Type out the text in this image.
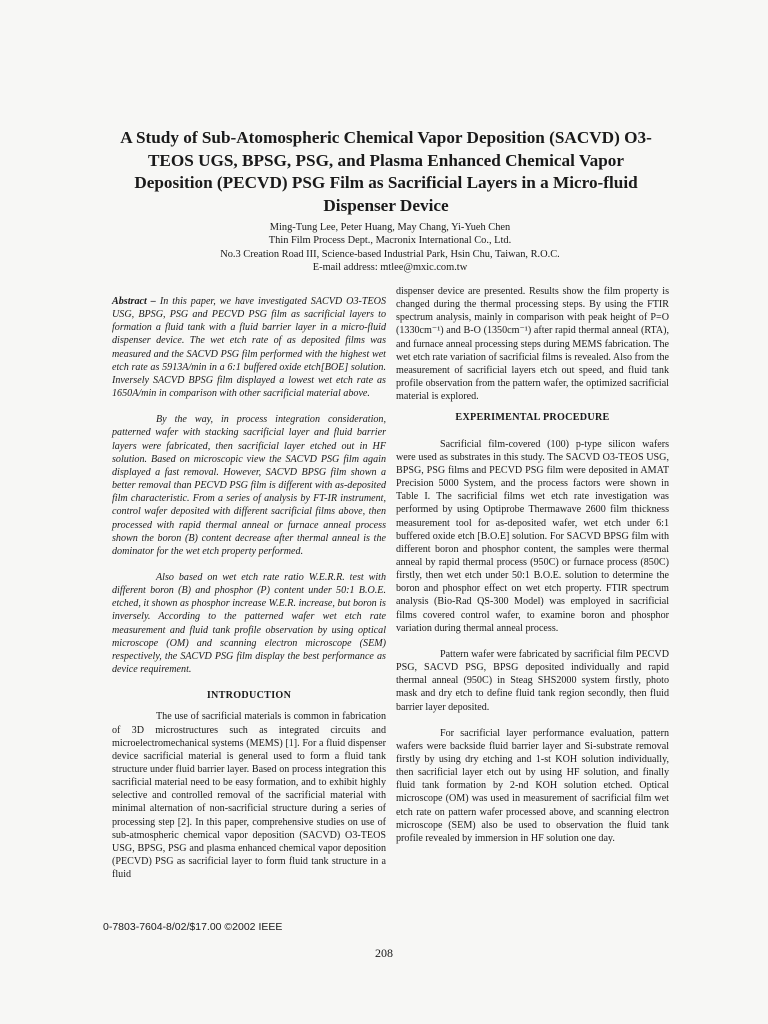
A Study of Sub-Atomospheric Chemical Vapor Deposition (SACVD) O3-
TEOS UGS, BPSG, PSG, and Plasma Enhanced Chemical Vapor
Deposition (PECVD) PSG Film as Sacrificial Layers in a Micro-fluid
Dispenser Device
Ming-Tung Lee, Peter Huang, May Chang, Yi-Yueh Chen
Thin Film Process Dept., Macronix International Co., Ltd.
No.3 Creation Road III, Science-based Industrial Park, Hsin Chu, Taiwan, R.O.C.
E-mail address: mtlee@mxic.com.tw

Abstract – In this paper, we have investigated SACVD O3-TEOS USG, BPSG, PSG and PECVD PSG film as sacrificial layers to formation a fluid tank with a fluid barrier layer in a micro-fluid dispenser device. The wet etch rate of as deposited films was measured and the SACVD PSG film performed with the highest wet etch rate as 5913A/min in a 6:1 buffered oxide etch[BOE] solution. Inversely SACVD BPSG film displayed a lowest wet etch rate as 1650A/min in comparison with other sacrificial material above.

By the way, in process integration consideration, patterned wafer with stacking sacrificial layer and fluid barrier layers were fabricated, then sacrificial layer etched out in HF solution. Based on microscopic view the SACVD PSG film again displayed a fast removal. However, SACVD BPSG film shown a better removal than PECVD PSG film is different with as-deposited film characteristic. From a series of analysis by FT-IR instrument, control wafer deposited with different sacrificial films above, then processed with rapid thermal anneal or furnace anneal process shown the boron (B) content decrease after thermal anneal is the dominator for the wet etch property performed.

Also based on wet etch rate ratio W.E.R.R. test with different boron (B) and phosphor (P) content under 50:1 B.O.E. etched, it shown as phosphor increase W.E.R. increase, but boron is inversely. According to the patterned wafer wet etch rate measurement and fluid tank profile observation by using optical microscope (OM) and scanning electron microscope (SEM) respectively, the SACVD PSG film display the best performance as device requirement.

INTRODUCTION

The use of sacrificial materials is common in fabrication of 3D microstructures such as integrated circuits and microelectromechanical systems (MEMS) [1]. For a fluid dispenser device sacrificial material is general used to form a fluid tank structure under fluid barrier layer. Based on process integration this sacrificial material need to be easy formation, and to exhibit highly selective and controlled removal of the sacrificial material with minimal alternation of non-sacrificial structure during a series of processing step [2]. In this paper, comprehensive studies on use of sub-atmospheric chemical vapor deposition (SACVD) O3-TEOS USG, BPSG, PSG and plasma enhanced chemical vapor deposition (PECVD) PSG as sacrificial layer to form fluid tank structure in a fluid

dispenser device are presented. Results show the film property is changed during the thermal processing steps. By using the FTIR spectrum analysis, mainly in comparison with peak height of P=O (1330cm⁻¹) and B-O (1350cm⁻¹) after rapid thermal anneal (RTA), and furnace anneal processing steps during MEMS fabrication. The wet etch rate variation of sacrificial films is revealed. Also from the measurement of sacrificial layers etch out speed, and fluid tank profile observation from the pattern wafer, the optimized sacrificial material is explored.

EXPERIMENTAL PROCEDURE

Sacrificial film-covered (100) p-type silicon wafers were used as substrates in this study. The SACVD O3-TEOS USG, BPSG, PSG films and PECVD PSG film were deposited in AMAT Precision 5000 System, and the process factors were shown in Table I. The sacrificial films wet etch rate investigation was performed by using Optiprobe Thermawave 2600 film thickness measurement tool for as-deposited wafer, wet etch under 6:1 buffered oxide etch [B.O.E] solution. For SACVD BPSG film with different boron and phosphor content, the samples were thermal anneal by rapid thermal process (950C) or furnace process (850C) firstly, then wet etch under 50:1 B.O.E. solution to determine the boron and phosphor effect on wet etch property. FTIR spectrum analysis (Bio-Rad QS-300 Model) was employed in sacrificial films covered control wafer, to examine boron and phosphor variation during thermal anneal process.

Pattern wafer were fabricated by sacrificial film PECVD PSG, SACVD PSG, BPSG deposited individually and rapid thermal anneal (950C) in Steag SHS2000 system firstly, photo mask and dry etch to define fluid tank region secondly, then fluid barrier layer deposited.

For sacrificial layer performance evaluation, pattern wafers were backside fluid barrier layer and Si-substrate removal firstly by using dry etching and 1-st KOH solution individually, then sacrificial layer etch out by using HF solution, and finally fluid tank formation by 2-nd KOH solution etched. Optical microscope (OM) was used in measurement of sacrificial film wet etch rate on pattern wafer processed above, and scanning electron microscope (SEM) also be used to observation the fluid tank profile revealed by immersion in HF solution one day.

0-7803-7604-8/02/$17.00 ©2002 IEEE
208
